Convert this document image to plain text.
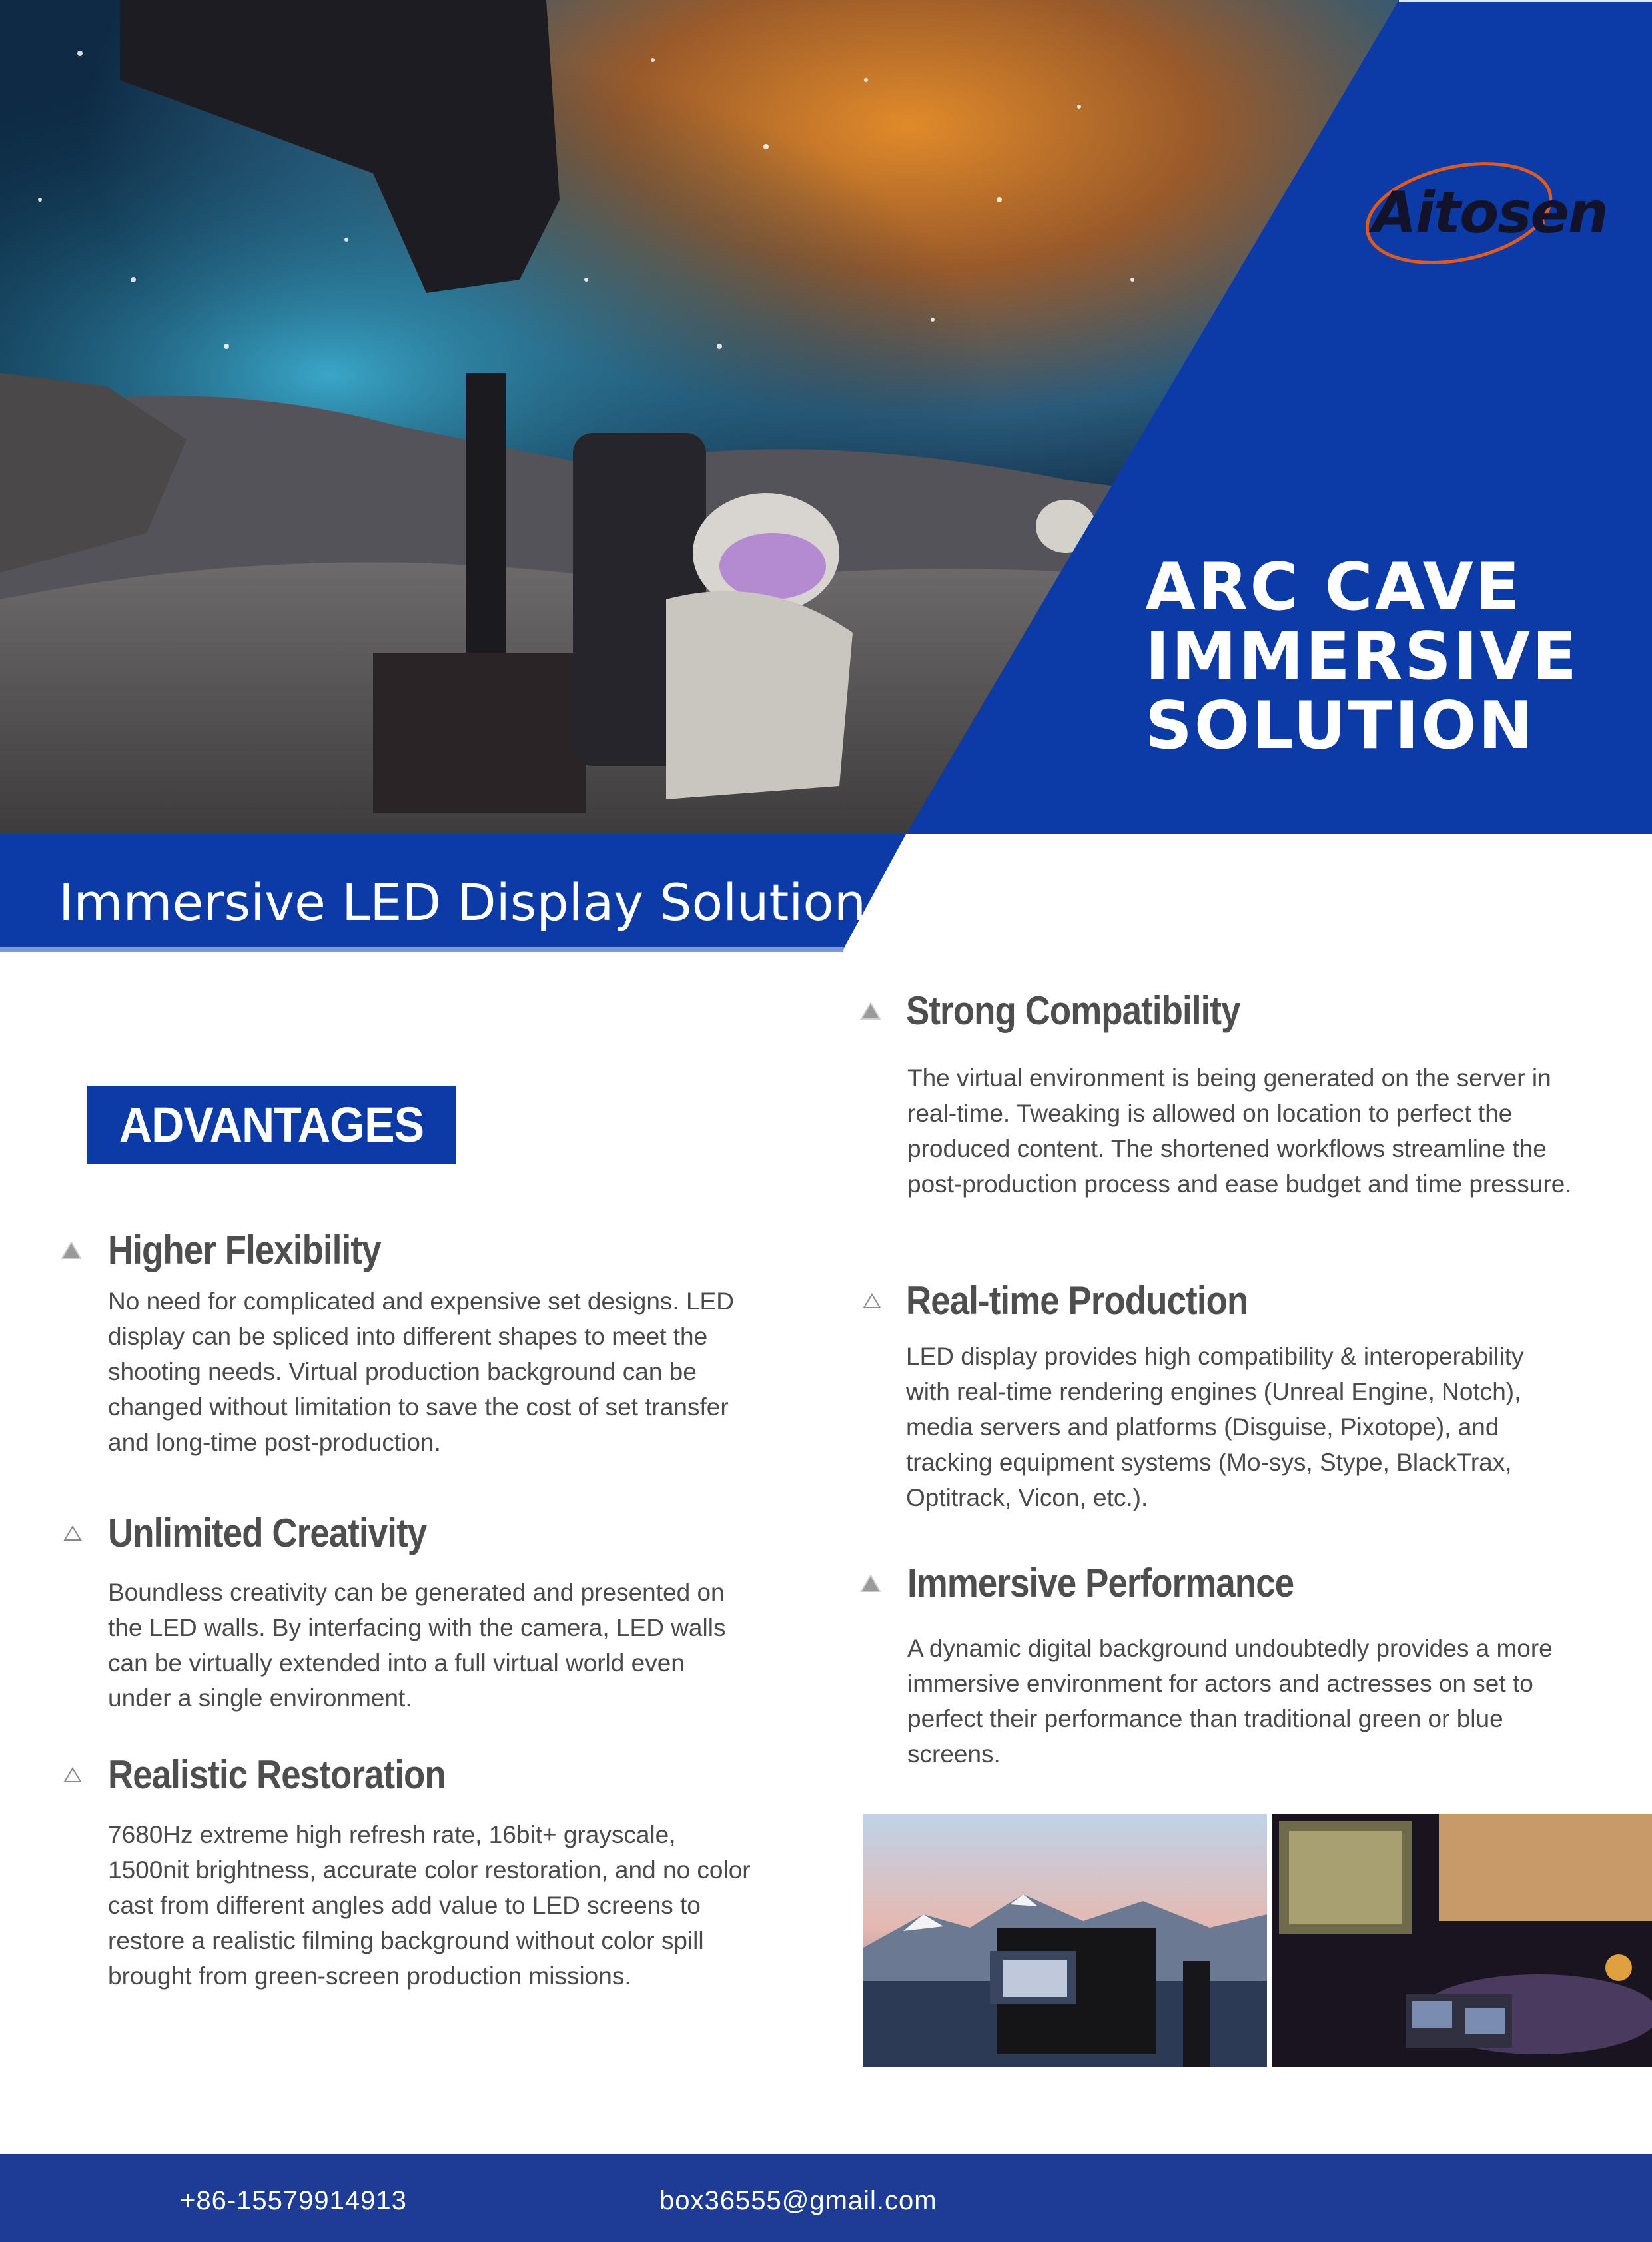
Aitosen
ARC CAVE
IMMERSIVE
SOLUTION
Immersive LED Display Solution
ADVANTAGES
Higher Flexibility
No need for complicated and expensive set designs. LED display can be spliced into different shapes to meet the shooting needs. Virtual production background can be changed without limitation to save the cost of set transfer and long-time post-production.
Unlimited Creativity
Boundless creativity can be generated and presented on the LED walls. By interfacing with the camera, LED walls can be virtually extended into a full virtual world even under a single environment.
Realistic Restoration
7680Hz extreme high refresh rate, 16bit+ grayscale, 1500nit brightness, accurate color restoration, and no color cast from different angles add value to LED screens to restore a realistic filming background without color spill brought from green-screen production missions.
Strong Compatibility
The virtual environment is being generated on the server in real-time. Tweaking is allowed on location to perfect the produced content. The shortened workflows streamline the post-production process and ease budget and time pressure.
Real-time Production
LED display provides high compatibility & interoperability with real-time rendering engines (Unreal Engine, Notch), media servers and platforms (Disguise, Pixotope), and tracking equipment systems (Mo-sys, Stype, BlackTrax, Optitrack, Vicon, etc.).
Immersive Performance
A dynamic digital background undoubtedly provides a more immersive environment for actors and actresses on set to perfect their performance than traditional green or blue screens.
+86-15579914913	box36555@gmail.com
